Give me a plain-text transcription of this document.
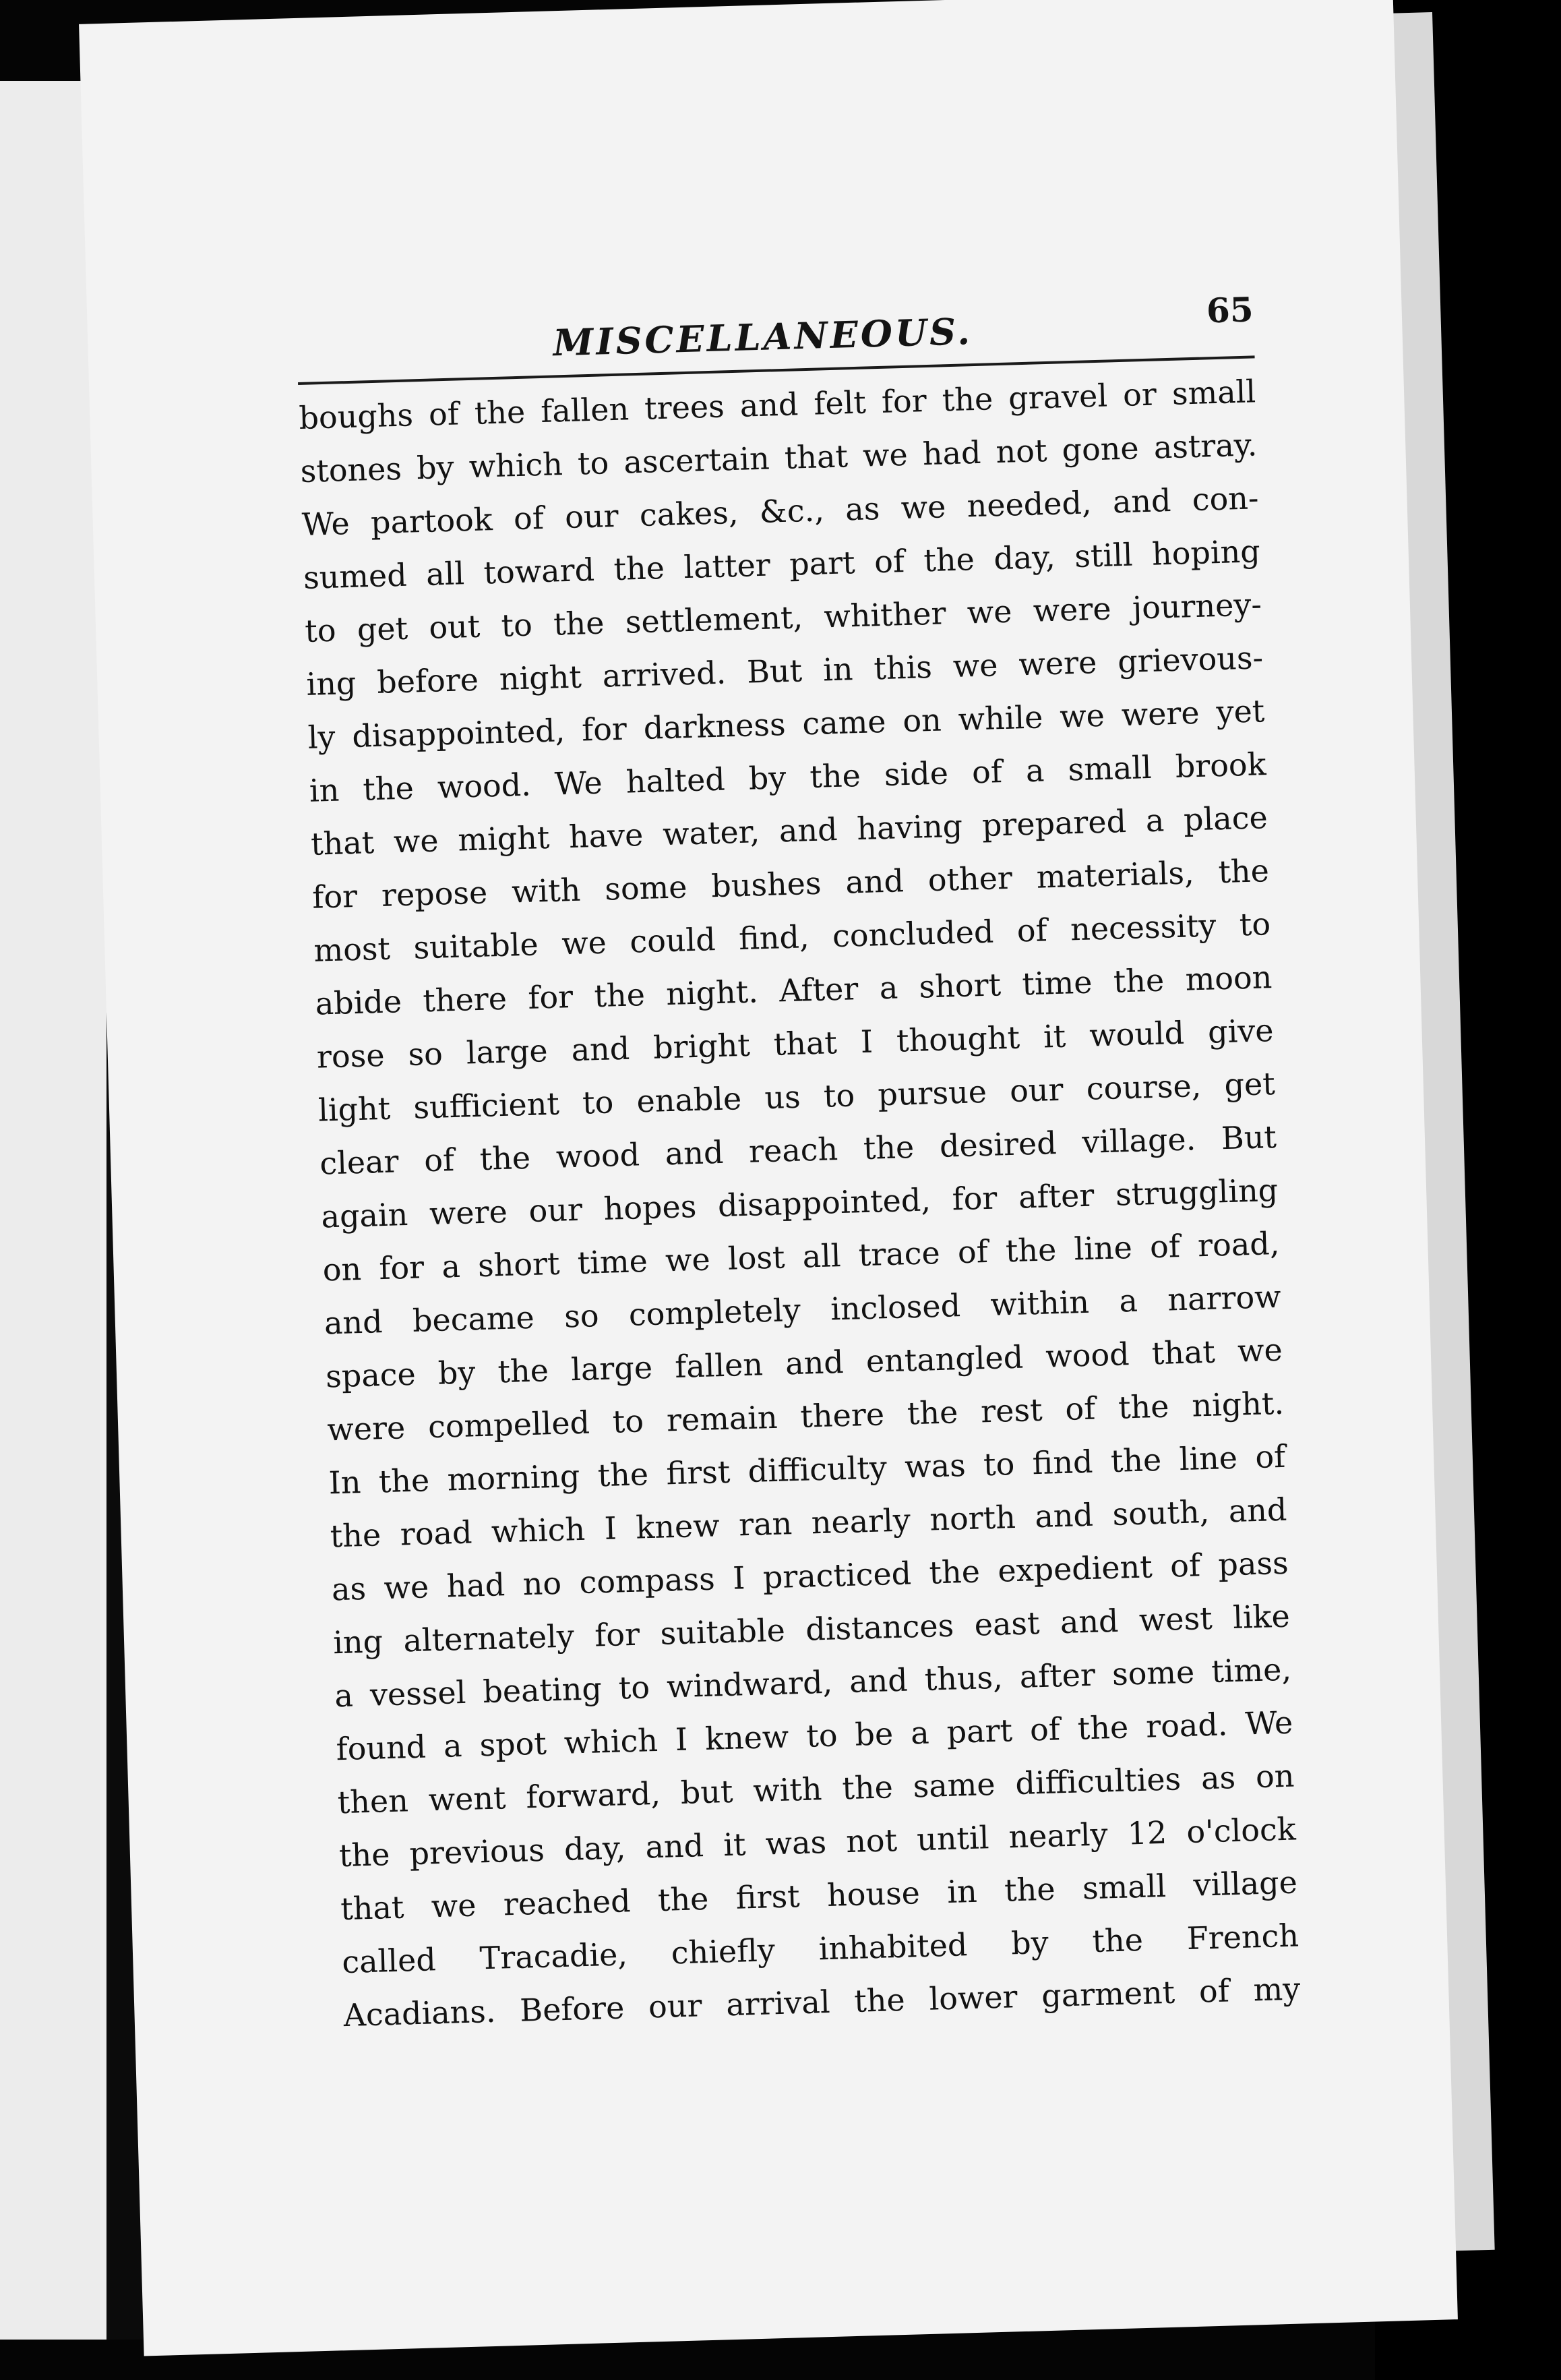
MISCELLANEOUS.	65
boughs of the fallen trees and felt for the gravel or small
stones by which to ascertain that we had not gone astray.
We partook of our cakes, &c., as we needed, and con-
sumed all toward the latter part of the day, still hoping
to get out to the settlement, whither we were journey-
ing before night arrived. But in this we were grievous-
ly disappointed, for darkness came on while we were yet
in the wood. We halted by the side of a small brook
that we might have water, and having prepared a place
for repose with some bushes and other materials, the
most suitable we could find, concluded of necessity to
abide there for the night. After a short time the moon
rose so large and bright that I thought it would give
light sufficient to enable us to pursue our course, get
clear of the wood and reach the desired village. But
again were our hopes disappointed, for after struggling
on for a short time we lost all trace of the line of road,
and became so completely inclosed within a narrow
space by the large fallen and entangled wood that we
were compelled to remain there the rest of the night.
In the morning the first difficulty was to find the line of
the road which I knew ran nearly north and south, and
as we had no compass I practiced the expedient of pass
ing alternately for suitable distances east and west like
a vessel beating to windward, and thus, after some time,
found a spot which I knew to be a part of the road. We
then went forward, but with the same difficulties as on
the previous day, and it was not until nearly 12 o'clock
that we reached the first house in the small village
called Tracadie, chiefly inhabited by the French
Acadians. Before our arrival the lower garment of my
